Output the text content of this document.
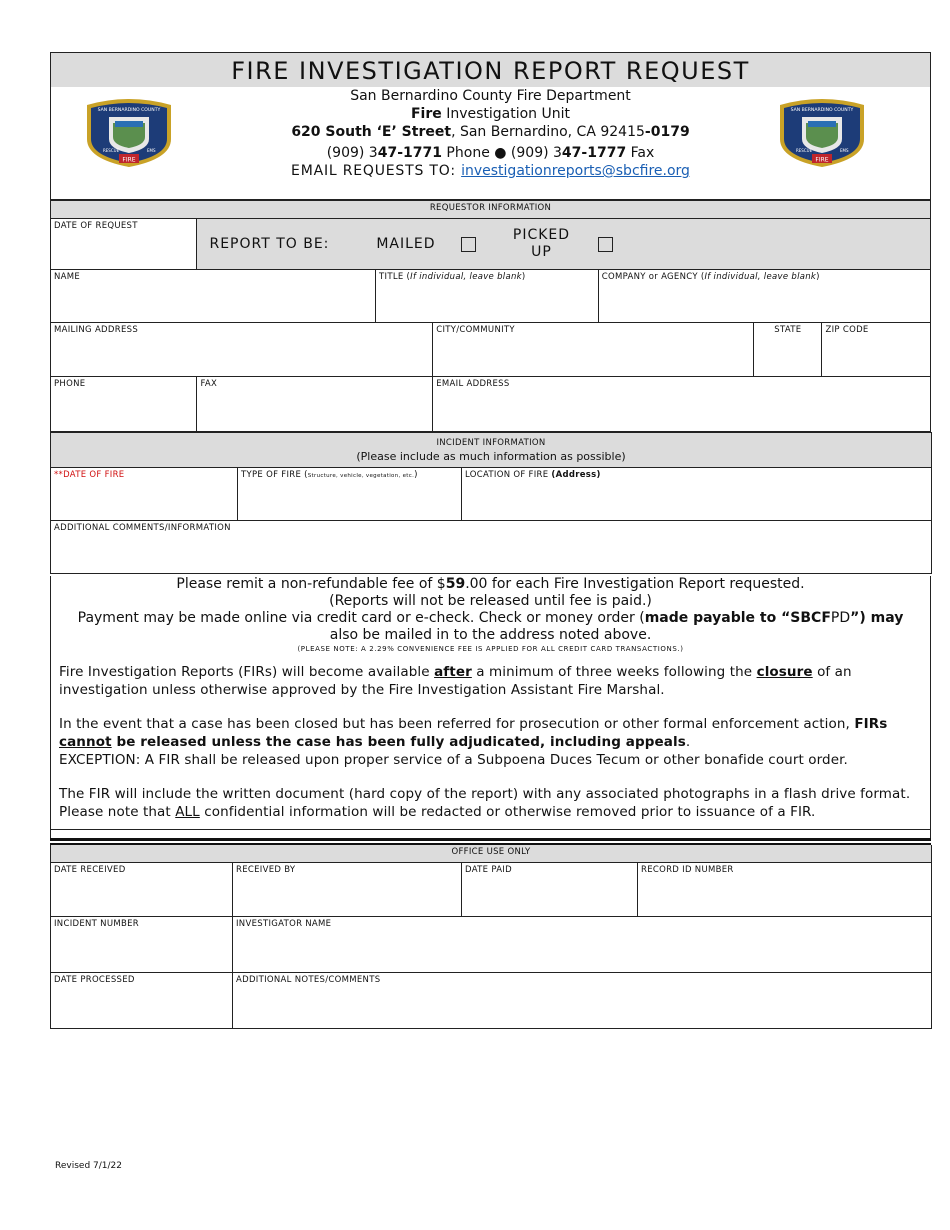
FIRE INVESTIGATION REPORT REQUEST
FIRE
RESCUE	EMS
SAN BERNARDINO COUNTY
FIRE
RESCUE	EMS
SAN BERNARDINO COUNTY
San Bernardino County Fire Department
Fire Investigation Unit
620 South ‘E’ Street, San Bernardino, CA 92415-0179
(909) 347-1771 Phone ● (909) 347-1777 Fax
EMAIL REQUESTS TO: investigationreports@sbcfire.org
REQUESTOR INFORMATION						
DATE OF REQUEST	REPORT TO BE: MAILED   PICKED
UP					
NAME		TITLE (If individual, leave blank)		COMPANY or AGENCY (If individual, leave blank)		
MAILING ADDRESS			CITY/COMMUNITY		STATE	ZIP CODE
PHONE	FAX		EMAIL ADDRESS			
INCIDENT INFORMATION
(Please include as much information as possible)

**DATE OF FIRE	TYPE OF FIRE (Structure, vehicle, vegetation, etc.)	LOCATION OF FIRE (Address)
ADDITIONAL COMMENTS/INFORMATION
Please remit a non-refundable fee of $59.00 for each Fire Investigation Report requested.
(Reports will not be released until fee is paid.)
Payment may be made online via credit card or e-check. Check or money order (made payable to “SBCFPD”) may
also be mailed in to the address noted above.
(PLEASE NOTE: A 2.29% CONVENIENCE FEE IS APPLIED FOR ALL CREDIT CARD TRANSACTIONS.)

Fire Investigation Reports (FIRs) will become available after a minimum of three weeks following the closure of an investigation unless otherwise approved by the Fire Investigation Assistant Fire Marshal.

In the event that a case has been closed but has been referred for prosecution or other formal enforcement action, FIRs cannot be released unless the case has been fully adjudicated, including appeals.
EXCEPTION: A FIR shall be released upon proper service of a Subpoena Duces Tecum or other bonafide court order.

The FIR will include the written document (hard copy of the report) with any associated photographs in a flash drive format. Please note that ALL confidential information will be redacted or otherwise removed prior to issuance of a FIR.

OFFICE USE ONLY			
DATE RECEIVED	RECEIVED BY	DATE PAID	RECORD ID NUMBER
INCIDENT NUMBER	INVESTIGATOR NAME		
DATE PROCESSED	ADDITIONAL NOTES/COMMENTS		
Revised 7/1/22
